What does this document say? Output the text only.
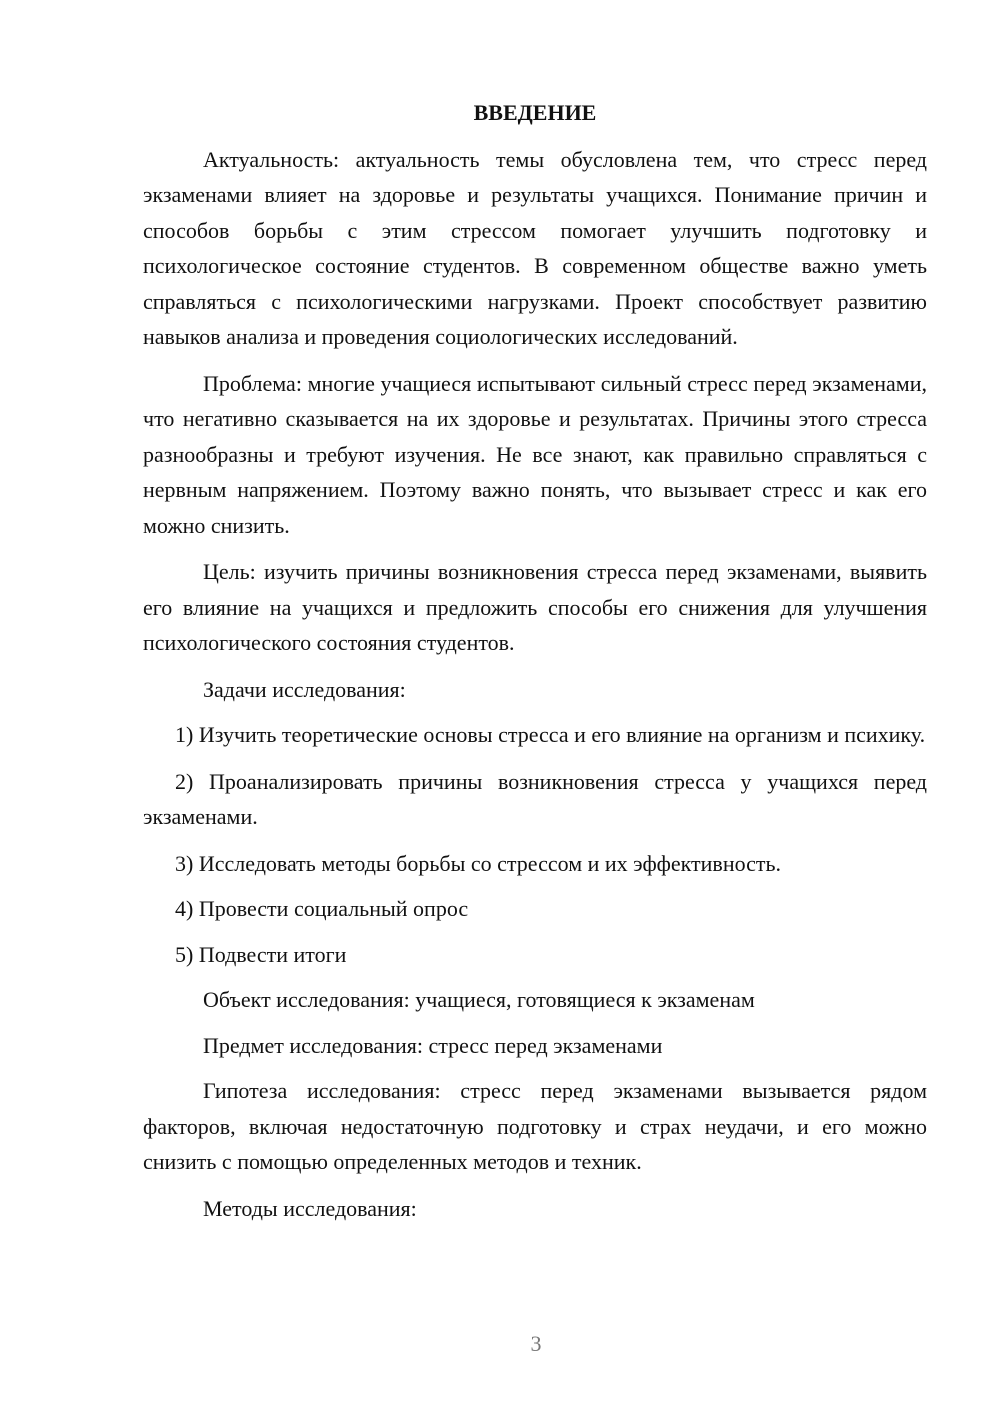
ВВЕДЕНИЕ

Актуальность: актуальность темы обусловлена тем, что стресс перед экзаменами влияет на здоровье и результаты учащихся. Понимание причин и способов борьбы с этим стрессом помогает улучшить подготовку и психологическое состояние студентов. В современном обществе важно уметь справляться с психологическими нагрузками. Проект способствует развитию навыков анализа и проведения социологических исследований.

Проблема: многие учащиеся испытывают сильный стресс перед экзаменами, что негативно сказывается на их здоровье и результатах. Причины этого стресса разнообразны и требуют изучения. Не все знают, как правильно справляться с нервным напряжением. Поэтому важно понять, что вызывает стресс и как его можно снизить.

Цель: изучить причины возникновения стресса перед экзаменами, выявить его влияние на учащихся и предложить способы его снижения для улучшения психологического состояния студентов.

Задачи исследования:

1) Изучить теоретические основы стресса и его влияние на организм и психику.

2) Проанализировать причины возникновения стресса у учащихся перед экзаменами.

3) Исследовать методы борьбы со стрессом и их эффективность.

4) Провести социальный опрос

5) Подвести итоги

Объект исследования: учащиеся, готовящиеся к экзаменам

Предмет исследования: стресс перед экзаменами

Гипотеза исследования: стресс перед экзаменами вызывается рядом факторов, включая недостаточную подготовку и страх неудачи, и его можно снизить с помощью определенных методов и техник.

Методы исследования:

3
